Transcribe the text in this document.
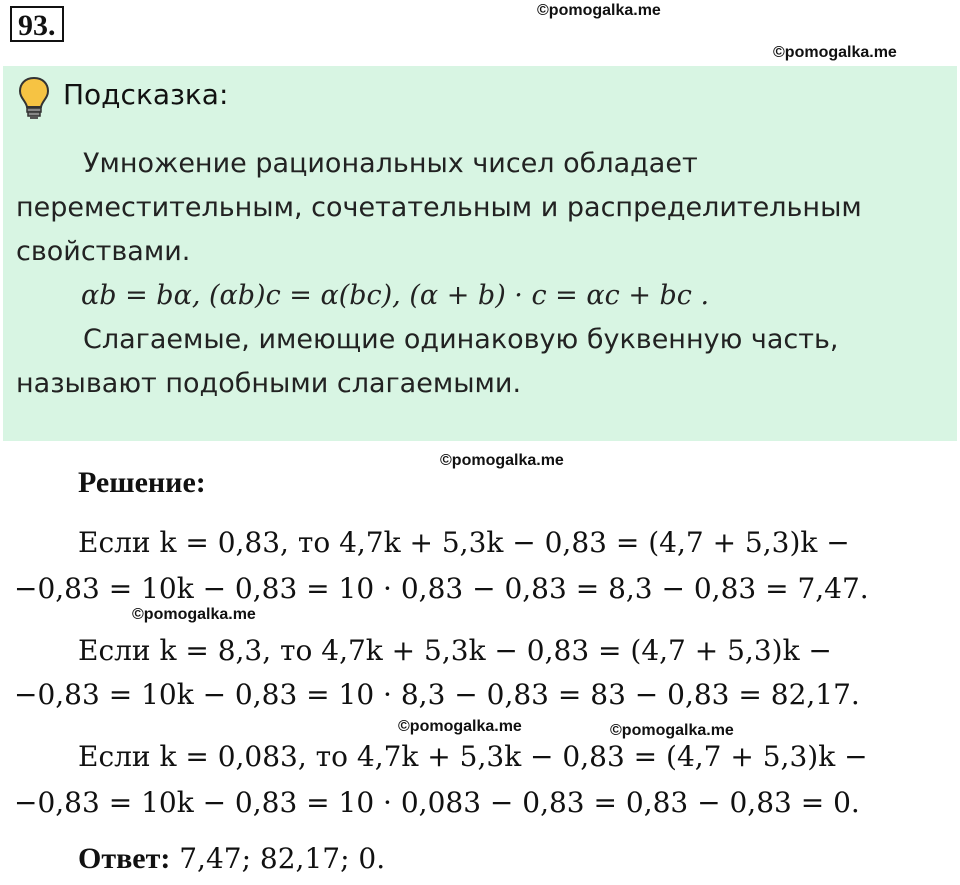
93.	©pomogalka.me
©pomogalka.me
Подсказка:
Умножение рациональных чисел обладает
переместительным, сочетательным и распределительным
свойствами.
αb = bα, (αb)c = α(bc), (α + b) · c = αc + bc .
Слагаемые, имеющие одинаковую буквенную часть,
называют подобными слагаемыми.
©pomogalka.me
Решение:
Если k = 0,83, то 4,7k + 5,3k − 0,83 = (4,7 + 5,3)k −
−0,83 = 10k − 0,83 = 10 · 0,83 − 0,83 = 8,3 − 0,83 = 7,47.
©pomogalka.me
Если k = 8,3, то 4,7k + 5,3k − 0,83 = (4,7 + 5,3)k −
−0,83 = 10k − 0,83 = 10 · 8,3 − 0,83 = 83 − 0,83 = 82,17.
©pomogalka.me	©pomogalka.me
Если k = 0,083, то 4,7k + 5,3k − 0,83 = (4,7 + 5,3)k −
−0,83 = 10k − 0,83 = 10 · 0,083 − 0,83 = 0,83 − 0,83 = 0.
Ответ: 7,47; 82,17; 0.
